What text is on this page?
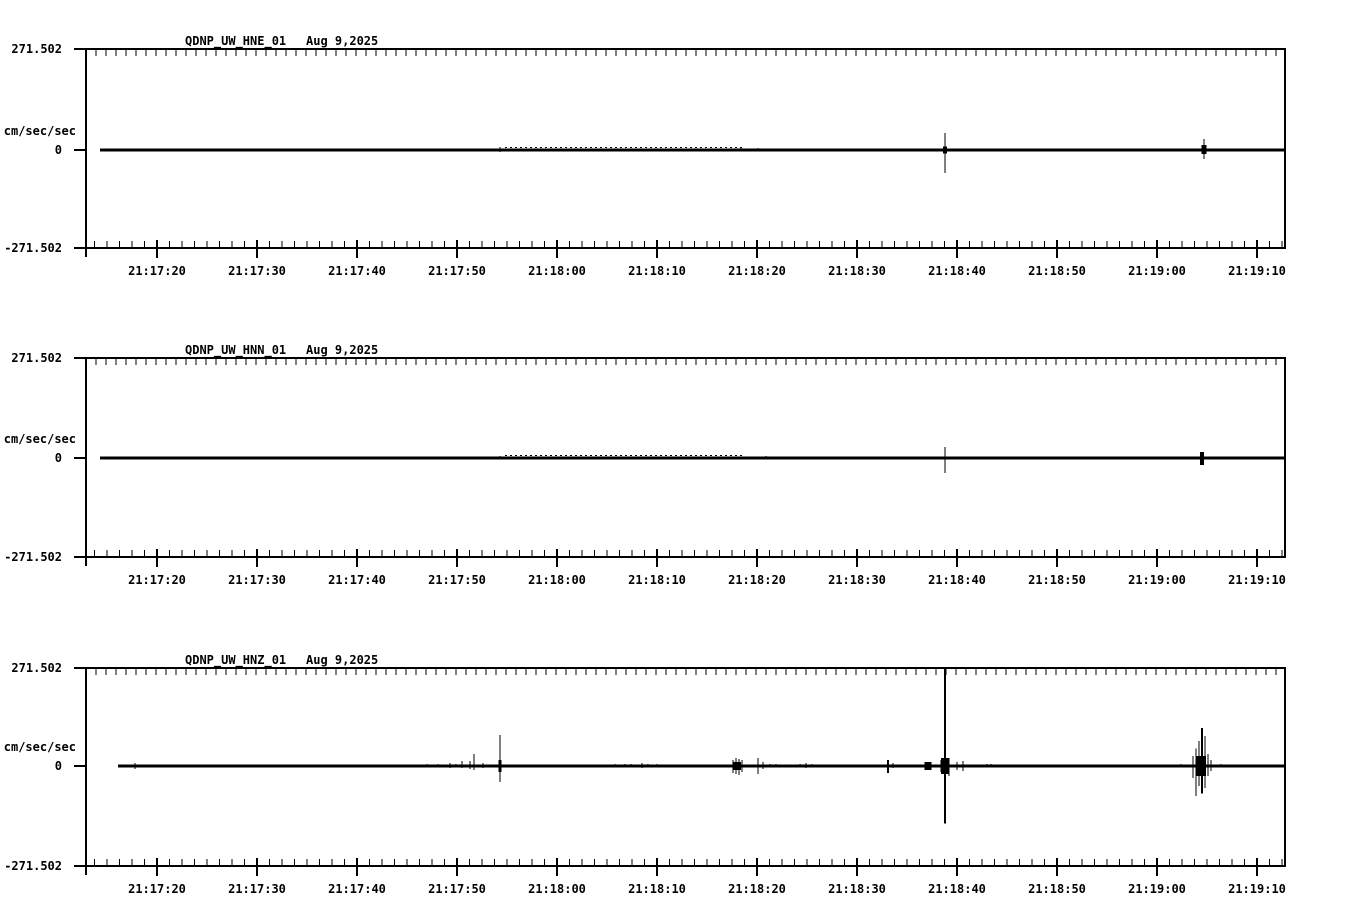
QDNP_UW_HNE_01 Aug 9,2025
271.502
cm/sec/sec
0
-271.502
21:17:20	21:17:30	21:17:40	21:17:50	21:18:00	21:18:10	21:18:20	21:18:30	21:18:40	21:18:50	21:19:00	21:19:10
QDNP_UW_HNN_01 Aug 9,2025
271.502
cm/sec/sec
0
-271.502
21:17:20	21:17:30	21:17:40	21:17:50	21:18:00	21:18:10	21:18:20	21:18:30	21:18:40	21:18:50	21:19:00	21:19:10
QDNP_UW_HNZ_01 Aug 9,2025
271.502
cm/sec/sec
0
-271.502
21:17:20	21:17:30	21:17:40	21:17:50	21:18:00	21:18:10	21:18:20	21:18:30	21:18:40	21:18:50	21:19:00	21:19:10
